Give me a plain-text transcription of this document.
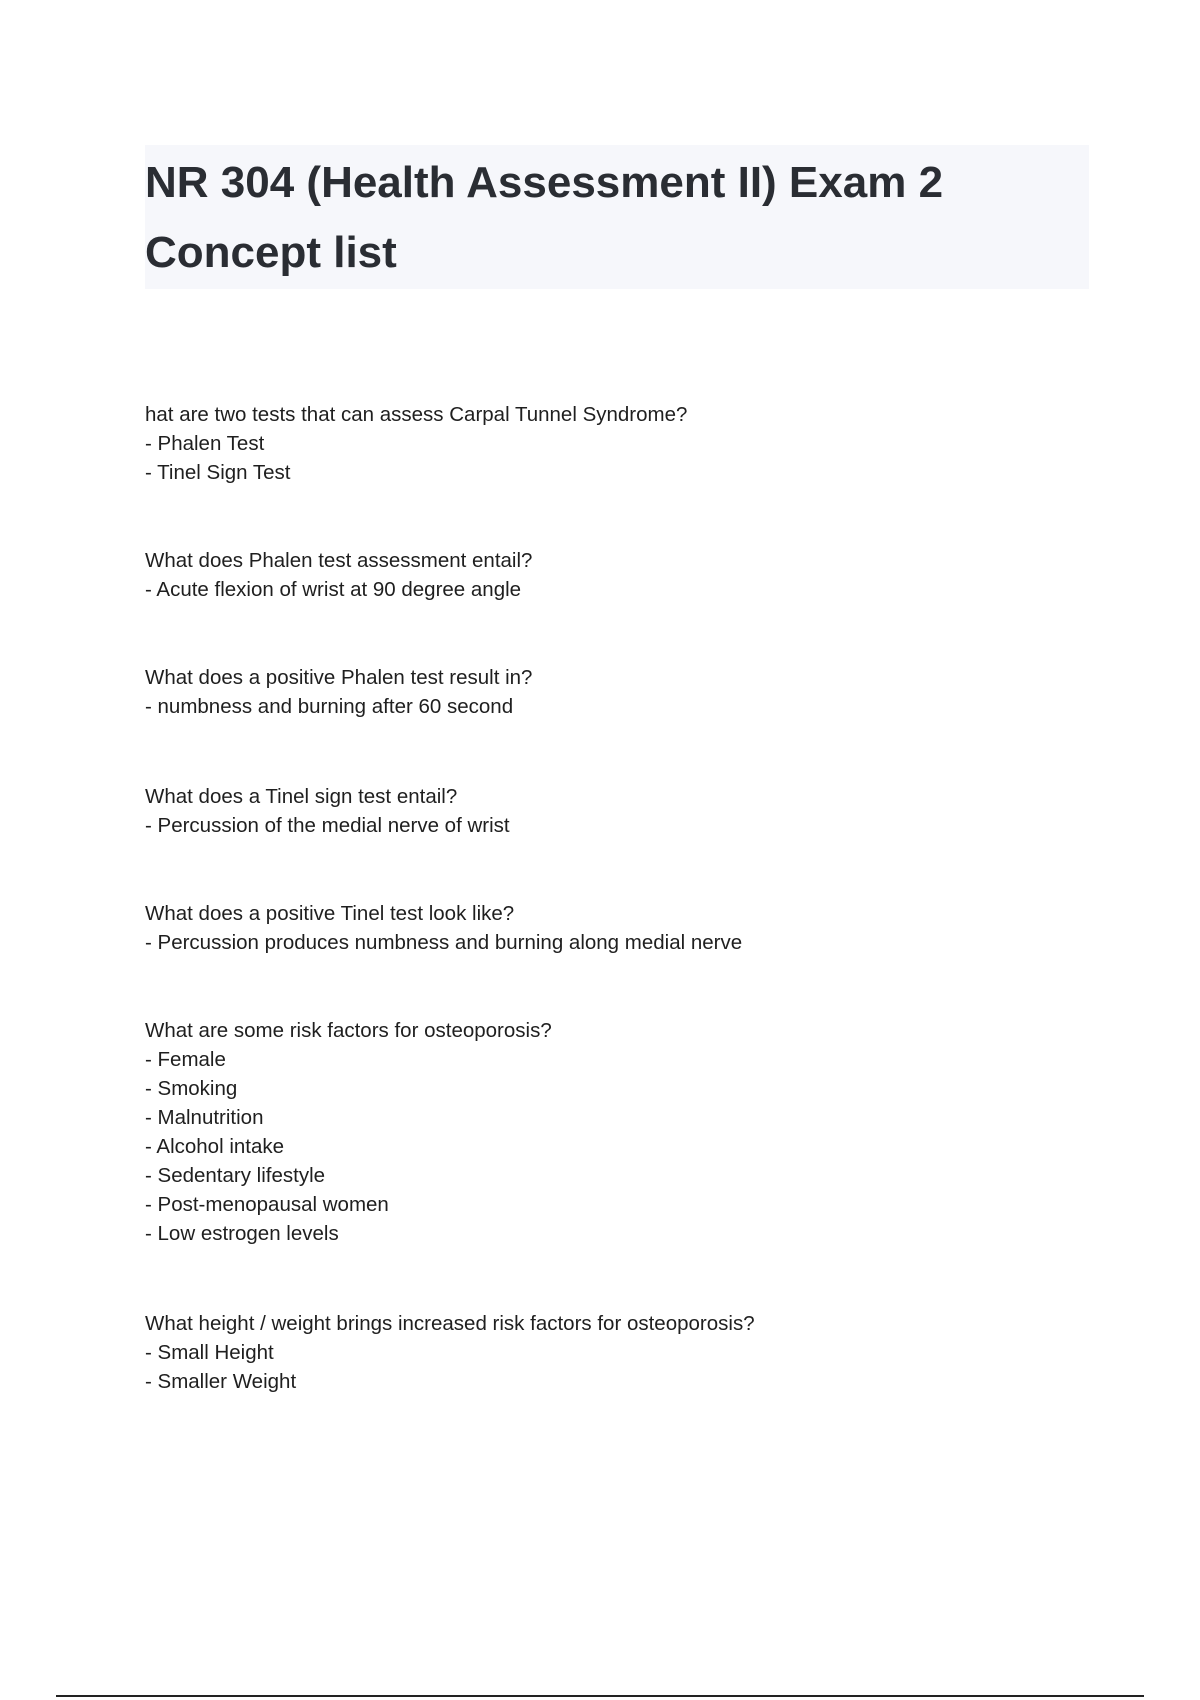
NR 304 (Health Assessment II) Exam 2
Concept list
hat are two tests that can assess Carpal Tunnel Syndrome?
- Phalen Test
- Tinel Sign Test
What does Phalen test assessment entail?
- Acute flexion of wrist at 90 degree angle
What does a positive Phalen test result in?
- numbness and burning after 60 second
What does a Tinel sign test entail?
- Percussion of the medial nerve of wrist
What does a positive Tinel test look like?
- Percussion produces numbness and burning along medial nerve
What are some risk factors for osteoporosis?
- Female
- Smoking
- Malnutrition
- Alcohol intake
- Sedentary lifestyle
- Post-menopausal women
- Low estrogen levels
What height / weight brings increased risk factors for osteoporosis?
- Small Height
- Smaller Weight
